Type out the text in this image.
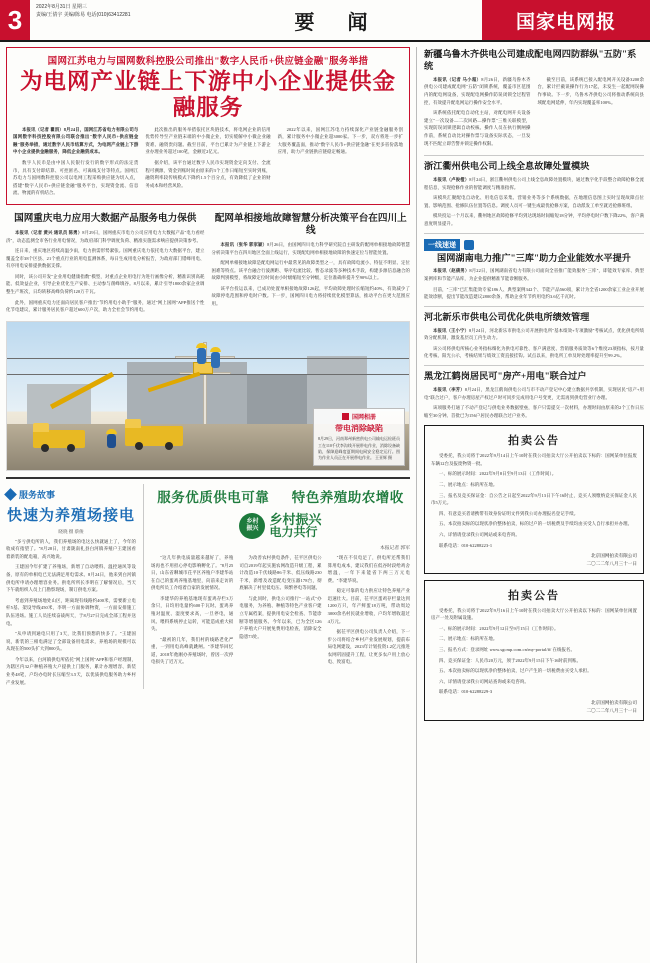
3	2022年8月31日 星期三
责编/王倩宇 美编/陈易 电话(010)63412281	要 闻	国家电网报
国网江苏电力与国网数科控股公司推出"数字人民币+供应链金融"服务举措
为电网产业链上下游中小企业提供金融服务

本报讯（记者 瞿涓）8月24日，国网江苏省电力有限公司与国网数字科技控股有限公司联合推出"数字人民币+供应链金融"服务举措，通过数字人民币结算方式，为电网产业链上下游中小企业提供金融服务，降低企业融资成本。

数字人民币是由中国人民银行发行的数字形式的法定货币，具有支付即结算、可控匿名、可离线支付等特点。国网江苏电力与国网数科控股公司以电网工程采购供应链为切入点，搭建"数字人民币+供应链金融"服务平台，实现资金流、信息流、物流的有机结合。

此次推出的服务举措依托区块链技术，将电网企业的信用优势传导至产业链末端的中小微企业，切实缓解中小微企业融资难、融资贵问题。截至目前，平台已累计为产业链上下游企业办理业务超过100笔，金额近2亿元。

据介绍，该平台通过数字人民币实现资金定向支付、全流程可溯源，资金到账时间由原来的3个工作日缩短至实时到账，融资利率较传统模式下降约1.5个百分点，有效降低了企业的财务成本和经营风险。

2022年以来，国网江苏电力持续深化产业链金融服务创新，累计服务中小微企业超3000家。下一步，双方将进一步扩大服务覆盖面，推动"数字人民币+供应链金融"在更多省份落地应用，助力产业链供应链稳定畅通。

国网重庆电力应用大数据产品服务电力保供

本报讯（记者 黄兴 通讯员 陈勇）8月29日，国网重庆市电力公司应用电力大数据产品"电力看经济"，动态监测全市各行业用电情况，为政府部门科学调度负荷、精准实施需求响应提供决策参考。

连日来，重庆地区持续高温少雨，电力供需形势紧张。国网重庆电力依托电力大数据平台，建立覆盖全市38个区县、21个重点行业的用电监测体系，每日生成用电分析报告，为政府部门错峰用电、有序用电安排提供数据支撑。

同时，该公司开发"企业用电健康指数"模型，对重点企业用电行为进行画像分析，精准识别高耗能、低效益企业，引导企业优化生产安排、主动参与削峰填谷。8月以来，累计引导1800余家企业调整生产班次，日均转移高峰负荷约120万千瓦。

此外，国网重庆电力还面向居民客户推出"节约用电小助手"服务，通过"网上国网"APP推送个性化节电建议，累计服务居民客户超过600万户次，助力全社会节约用电。

配网单相接地故障智慧分析决策平台在四川上线

本报讯（张华 郭家颖）8月26日，由国网四川电力科学研究院自主研发的配网单相接地故障智慧分析决策平台在四川地区全面上线运行，实现配电网单相接地故障的快速定位与智能处置。

配网单相接地故障是配电网运行中最常见的故障类型之一，具有故障电流小、特征不明显、定位困难等特点。该平台融合行波测距、零序电流比较、暂态录波等多种技术手段，构建多源信息融合的故障判别模型，将故障定位时间由小时级缩短至分钟级，定位准确率提升至90%以上。

该平台投运以来，已成功处置单相接地故障126起，平均故障处理时长缩短约40%，有效减少了故障停电范围和停电时户数。下一步，国网四川电力将持续优化模型算法，推动平台在更大范围应用。

国网相册
带电消除缺陷
8月29日，河南郑州新密供电公司输电运检班员工在110千伏李沟线开展带电作业，消除设备缺陷，保障迎峰度夏期间电网安全稳定运行。图为作业人员正在开展带电作业。 王亚辉 摄
服务故事
快速为养殖场接电
晓晓 摄 蔡俊

"多亏供电所的人，我们养殖场的电这么快就通上了，今年的收成有指望了。"8月28日，甘肃陇南礼县白河镇养殖户王建国看着新装的配电箱，高兴地说。

王建国今年扩建了养殖场，新增了自动喂料、温控通风等设备，原有的单相电已无法满足用电需求。8月24日，他来到白河镇供电所申请办理增容业务。供电所所长李明在了解情况后，当天下午就组织人员上门勘察现场，制订供电方案。

考虑到养殖场地处山区，距离现有线路约400米，需要新立电杆5基、架设导线450米，李明一方面协调物资，一方面安排施工队伍进场。施工人员连续奋战两天，于8月27日完成全部工程并送电。

"从申请到通电只用了3天，比我们预想的快多了。"王建国说，新装的三相电满足了全部设备用电需求，养殖场的规模可以从现在的500头扩大到800头。

今年以来，白河镇供电所依托"网上国网"APP和客户经理制，为辖区内32户种植养殖大户提供上门服务，累计办理增容、新装业务48笔，户均办电时长压缩至3.5天，以优质供电服务助力乡村产业发展。

服务优质供电可靠	特色养殖助农增收
乡村
振兴
乡村振兴
电力共行
本报记者 郭军

"这几年供电质量越来越好了，养殖场再也不用担心停电影响孵化了。"8月25日，山东省聊城市茌平区养殖户李建华站在自己的蛋鸡养殖基地里，向前来走访的供电所员工介绍着自家的发展情况。

李建华的养殖基地现有蛋鸡存栏3万余只，日均用电量约600千瓦时。蛋鸡养殖对温度、湿度要求高，一旦停电，通风、喂料系统停止运转，可能造成重大损失。

"最初的几年，我们村的线路老化严重，一到用电高峰就跳闸。"李建华回忆道，2018年他刚办养殖场时，曾因一次停电损失了近万元。

为改善农村供电条件，茌平区供电公司自2019年起实施农网改造升级工程，累计改造10千伏线路86千米、低压线路230千米，新增及改造配电变压器178台，彻底解决了村里低电压、频繁停电等问题。

与此同时，供电公司推行"一站式"办电服务，为养殖、种植等特色产业客户建立专属档案，提供用电安全检查、节能诊断等增值服务。今年以来，已为全区126户养殖大户开展免费用电检查，消除安全隐患73处。

"现在不仅电足了，供电所还帮我们算用电成本，建议我们在低谷时段给鸡舍增温，一年下来能省下两三万元电费。"李建华说。

稳定可靠的电力供应让特色养殖产业迅速壮大。目前，茌平区蛋鸡存栏量达到1200万只，年产鲜蛋18万吨，带动周边3000余名村民就业增收，户均年增收超过4万元。

据茌平区供电公司负责人介绍，下一步公司将结合乡村产业发展规划，提前布局电网建设，2023年计划投资1.2亿元推进农网巩固提升工程，让更多农户用上放心电、致富电。

新疆乌鲁木齐供电公司建成配电网四防群纵"五防"系统

本报讯（记者 马小超）8月26日，新疆乌鲁木齐供电公司建成配电网"五防"闭锁系统，覆盖市区范围内的配电网设备，实现配电网操作防误闭锁全过程管控，有效提升配电网运行操作安全水平。

该系统依托配电自动化主站，对配电网开关设备建立"一次设备—二次回路—操作票"三维关联模型，实现防误闭锁逻辑自动校核。操作人员在执行倒闸操作前，系统自动比对操作票与设备实际状态，一旦发现不匹配立即告警并锁定操作权限。

截至目前，该系统已接入配电网开关设备3200余台，累计拦截误操作行为17起，未发生一起配网误操作事故。下一步，乌鲁木齐供电公司将推动系统向县域配电网延伸，年内实现覆盖率100%。

浙江衢州供电公司上线全息故障处置模块

本报讯（卢俊橙）8月24日，浙江衢州供电公司上线全息故障处置模块，通过数字化手段整合故障抢修全流程信息，实现抢修作业的智能调度与精准指挥。

该模块汇聚配电自动化、用电信息采集、营销业务等多个系统数据，在地理信息图上实时呈现故障点位置、影响范围、抢修队伍位置等信息。调度人员可一键生成最优抢修方案，自动派发工单至就近抢修班组。

模块投运一个月以来，衢州地区故障抢修平均到达现场时间缩短18分钟，平均停电时户数下降22%，客户满意度明显提升。

一线速递
国网湖南电力推广"三库"助力企业能效水平提升

本报讯（赵倩男）8月22日，国网湖南省电力有限公司面向全省推广能效服务"三库"，即能效专家库、典型案例库和节能产品库，为企业提供精准节能诊断服务。

目前，"三库"已汇集能效专家186人、典型案例342个、节能产品560项，累计为全省1200余家工业企业开展能效诊断，提出节能改造建议2800余条，帮助企业年节约用电约3.6亿千瓦时。

河北新乐市供电公司优化供电所绩效管理

本报讯（王小宁）8月24日，河北新乐市供电公司开展供电所"基本绩效+专项激励"考核试点，优化供电所绩效分配机制，激发基层员工内生动力。

该公司将供电所核心业务指标细化为供电可靠性、客户满意度、营销服务质效等6个维度23项指标，按月量化考核、阳光公示，考核结果与绩效工资直接挂钩。试点以来，供电所工单及时处理率提升至99.2%。

黑龙江鹤岗居民可"房产+用电"联合过户

本报讯（李芳）8月24日，黑龙江鹤岗供电公司与市不动产登记中心建立数据共享机制，实现居民"房产+用电"联合过户，客户办理房屋产权过户时可同步完成用电户号变更，无需再到供电营业厅办理。

该项服务打通了不动产登记与供电业务数据壁垒，客户只需提交一次材料，办理时间由原来的2个工作日压缩至30分钟。首批已为156户居民办理联合过户业务。

拍卖公告

受委托，我公司将于2022年9月14日上午10时在我公司拍卖大厅公开拍卖以下标的：国网某单位报废车辆12台及报废物资一批。

一、标的展示时间：2022年9月8日至9月13日（工作时间）。

二、展示地点：标的所在地。

三、报名及竞买保证金：自公告之日起至2022年9月13日下午16时止，竞买人须缴纳竞买保证金人民币5万元。

四、有意竞买者请携带有效身份证明文件到我公司办理报名登记手续。

五、本次拍卖标的以现状净价整体拍卖，标的过户的一切税费及手续均由买受人自行承担并办理。

六、详情请登录我公司网站或来电咨询。

联系电话：010-62288223-1

北京国网拍卖有限公司
二〇二二年八月三十一日
拍卖公告

受委托，我公司将于2022年9月16日上午10时在我公司拍卖大厅公开拍卖以下标的：国网某单位闲置房产一处及附属设施。

一、标的展示时间：2022年9月12日至9月15日（工作时间）。

二、展示地点：标的所在地。

三、报名方式：登录网址 www.sgcmp.com.cn/my-portal/#/ 在线报名。

四、竞买保证金：人民币20万元，须于2022年9月15日下午16时前到账。

五、本次拍卖标的以现状净价整体拍卖，过户产生的一切税费由买受人承担。

六、详情请登录我公司网站查询或来电咨询。

联系电话：010-62288229-3

北京国网拍卖有限公司
二〇二二年八月三十一日
